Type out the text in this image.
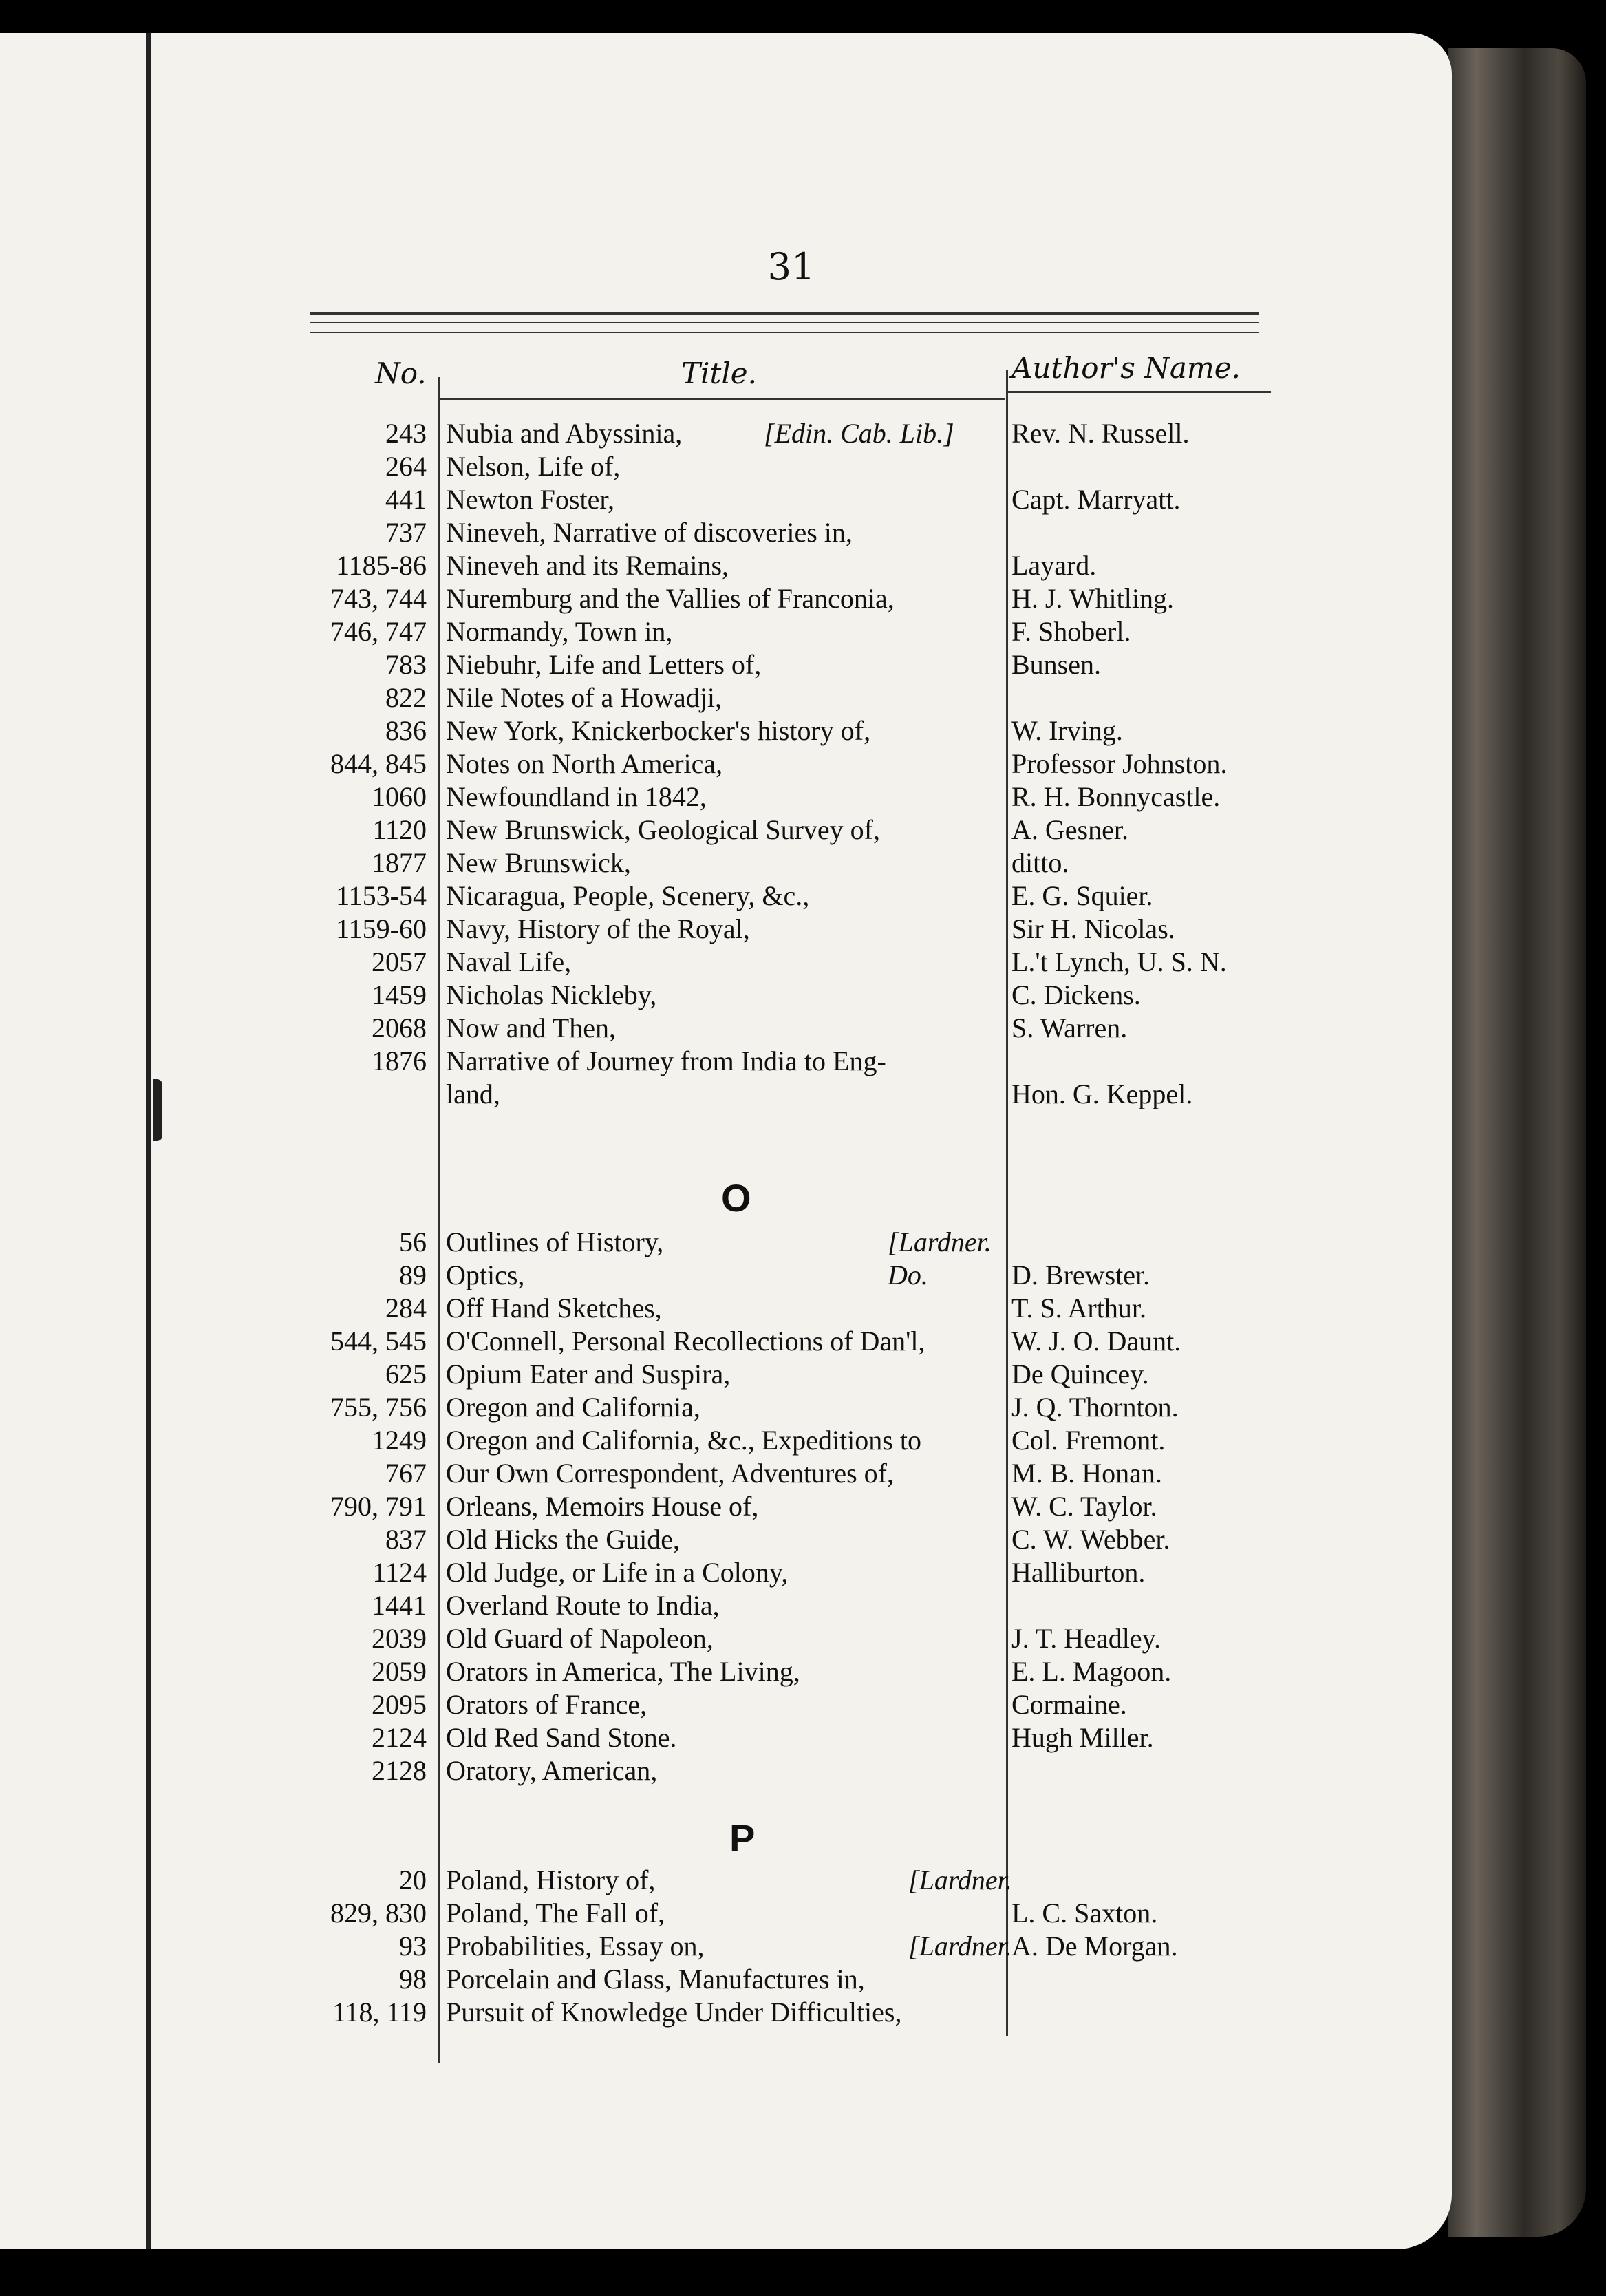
31
No.	Title.	Author's Name.
243 Nubia and Abyssinia,	[Edin. Cab. Lib.] Rev. N. Russell.
264 Nelson, Life of,
441 Newton Foster,	Capt. Marryatt.
737 Nineveh, Narrative of discoveries in,
1185-86 Nineveh and its Remains,	Layard.
743, 744 Nuremburg and the Vallies of Franconia,	H. J. Whitling.
746, 747 Normandy, Town in,	F. Shoberl.
783 Niebuhr, Life and Letters of,	Bunsen.
822 Nile Notes of a Howadji,
836 New York, Knickerbocker's history of,	W. Irving.
844, 845 Notes on North America,	Professor Johnston.
1060 Newfoundland in 1842,	R. H. Bonnycastle.
1120 New Brunswick, Geological Survey of,	A. Gesner.
1877 New Brunswick,	ditto.
1153-54 Nicaragua, People, Scenery, &c.,	E. G. Squier.
1159-60 Navy, History of the Royal,	Sir H. Nicolas.
2057 Naval Life,	L.'t Lynch, U. S. N.
1459 Nicholas Nickleby,	C. Dickens.
2068 Now and Then,	S. Warren.
1876 Narrative of Journey from India to Eng-
land,	Hon. G. Keppel.
O
56 Outlines of History,	[Lardner.
89 Optics,	Do.	D. Brewster.
284 Off Hand Sketches,	T. S. Arthur.
544, 545 O'Connell, Personal Recollections of Dan'l,	W. J. O. Daunt.
625 Opium Eater and Suspira,	De Quincey.
755, 756 Oregon and California,	J. Q. Thornton.
1249 Oregon and California, &c., Expeditions to	Col. Fremont.
767 Our Own Correspondent, Adventures of,	M. B. Honan.
790, 791 Orleans, Memoirs House of,	W. C. Taylor.
837 Old Hicks the Guide,	C. W. Webber.
1124 Old Judge, or Life in a Colony,	Halliburton.
1441 Overland Route to India,
2039 Old Guard of Napoleon,	J. T. Headley.
2059 Orators in America, The Living,	E. L. Magoon.
2095 Orators of France,	Cormaine.
2124 Old Red Sand Stone.	Hugh Miller.
2128 Oratory, American,
P
20 Poland, History of,	[Lardner.
829, 830 Poland, The Fall of,	L. C. Saxton.
93 Probabilities, Essay on,	[Lardner. A. De Morgan.
98 Porcelain and Glass, Manufactures in,
118, 119 Pursuit of Knowledge Under Difficulties,
